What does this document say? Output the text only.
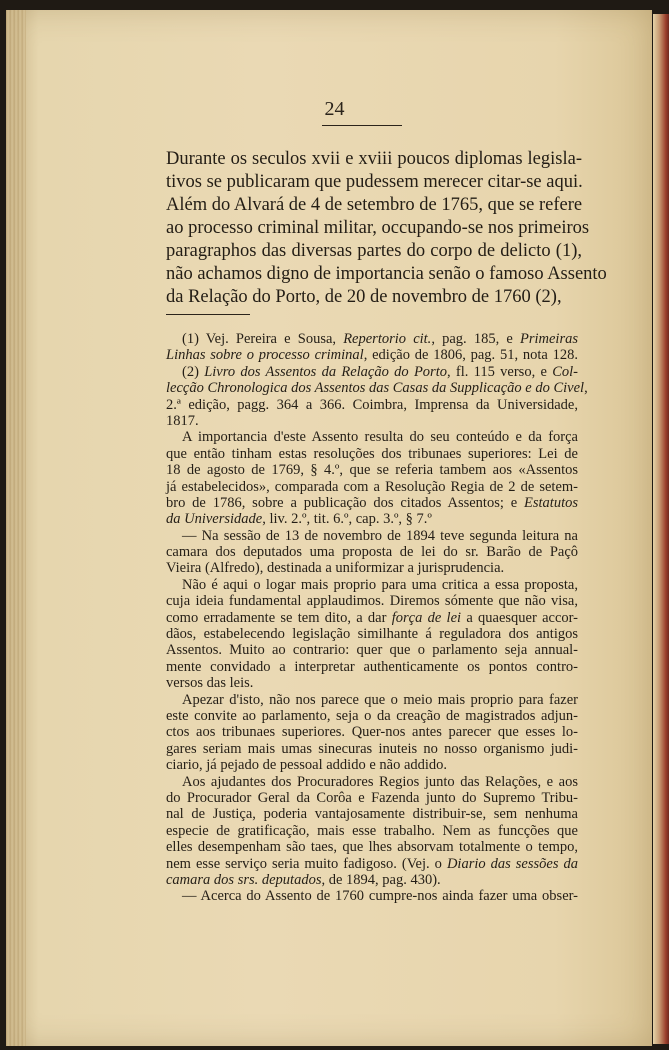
24
Durante os seculos xvii e xviii poucos diplomas legisla-
tivos se publicaram que pudessem merecer citar-se aqui.
Além do Alvará de 4 de setembro de 1765, que se refere
ao processo criminal militar, occupando-se nos primeiros
paragraphos das diversas partes do corpo de delicto (1),
não achamos digno de importancia senão o famoso Assento
da Relação do Porto, de 20 de novembro de 1760 (2),
(1) Vej. Pereira e Sousa, Repertorio cit., pag. 185, e Primeiras
Linhas sobre o processo criminal, edição de 1806, pag. 51, nota 128.
(2) Livro dos Assentos da Relação do Porto, fl. 115 verso, e Col-
lecção Chronologica dos Assentos das Casas da Supplicação e do Civel,
2.ª edição, pagg. 364 a 366. Coimbra, Imprensa da Universidade,
1817.
A importancia d'este Assento resulta do seu conteúdo e da força
que então tinham estas resoluções dos tribunaes superiores: Lei de
18 de agosto de 1769, § 4.º, que se referia tambem aos «Assentos
já estabelecidos», comparada com a Resolução Regia de 2 de setem-
bro de 1786, sobre a publicação dos citados Assentos; e Estatutos
da Universidade, liv. 2.º, tit. 6.º, cap. 3.º, § 7.º
— Na sessão de 13 de novembro de 1894 teve segunda leitura na
camara dos deputados uma proposta de lei do sr. Barão de Paçô
Vieira (Alfredo), destinada a uniformizar a jurisprudencia.
Não é aqui o logar mais proprio para uma critica a essa proposta,
cuja ideia fundamental applaudimos. Diremos sómente que não visa,
como erradamente se tem dito, a dar força de lei a quaesquer accor-
dãos, estabelecendo legislação similhante á reguladora dos antigos
Assentos. Muito ao contrario: quer que o parlamento seja annual-
mente convidado a interpretar authenticamente os pontos contro-
versos das leis.
Apezar d'isto, não nos parece que o meio mais proprio para fazer
este convite ao parlamento, seja o da creação de magistrados adjun-
ctos aos tribunaes superiores. Quer-nos antes parecer que esses lo-
gares seriam mais umas sinecuras inuteis no nosso organismo judi-
ciario, já pejado de pessoal addido e não addido.
Aos ajudantes dos Procuradores Regios junto das Relações, e aos
do Procurador Geral da Corôa e Fazenda junto do Supremo Tribu-
nal de Justiça, poderia vantajosamente distribuir-se, sem nenhuma
especie de gratificação, mais esse trabalho. Nem as funcções que
elles desempenham são taes, que lhes absorvam totalmente o tempo,
nem esse serviço seria muito fadigoso. (Vej. o Diario das sessões da
camara dos srs. deputados, de 1894, pag. 430).
— Acerca do Assento de 1760 cumpre-nos ainda fazer uma obser-
